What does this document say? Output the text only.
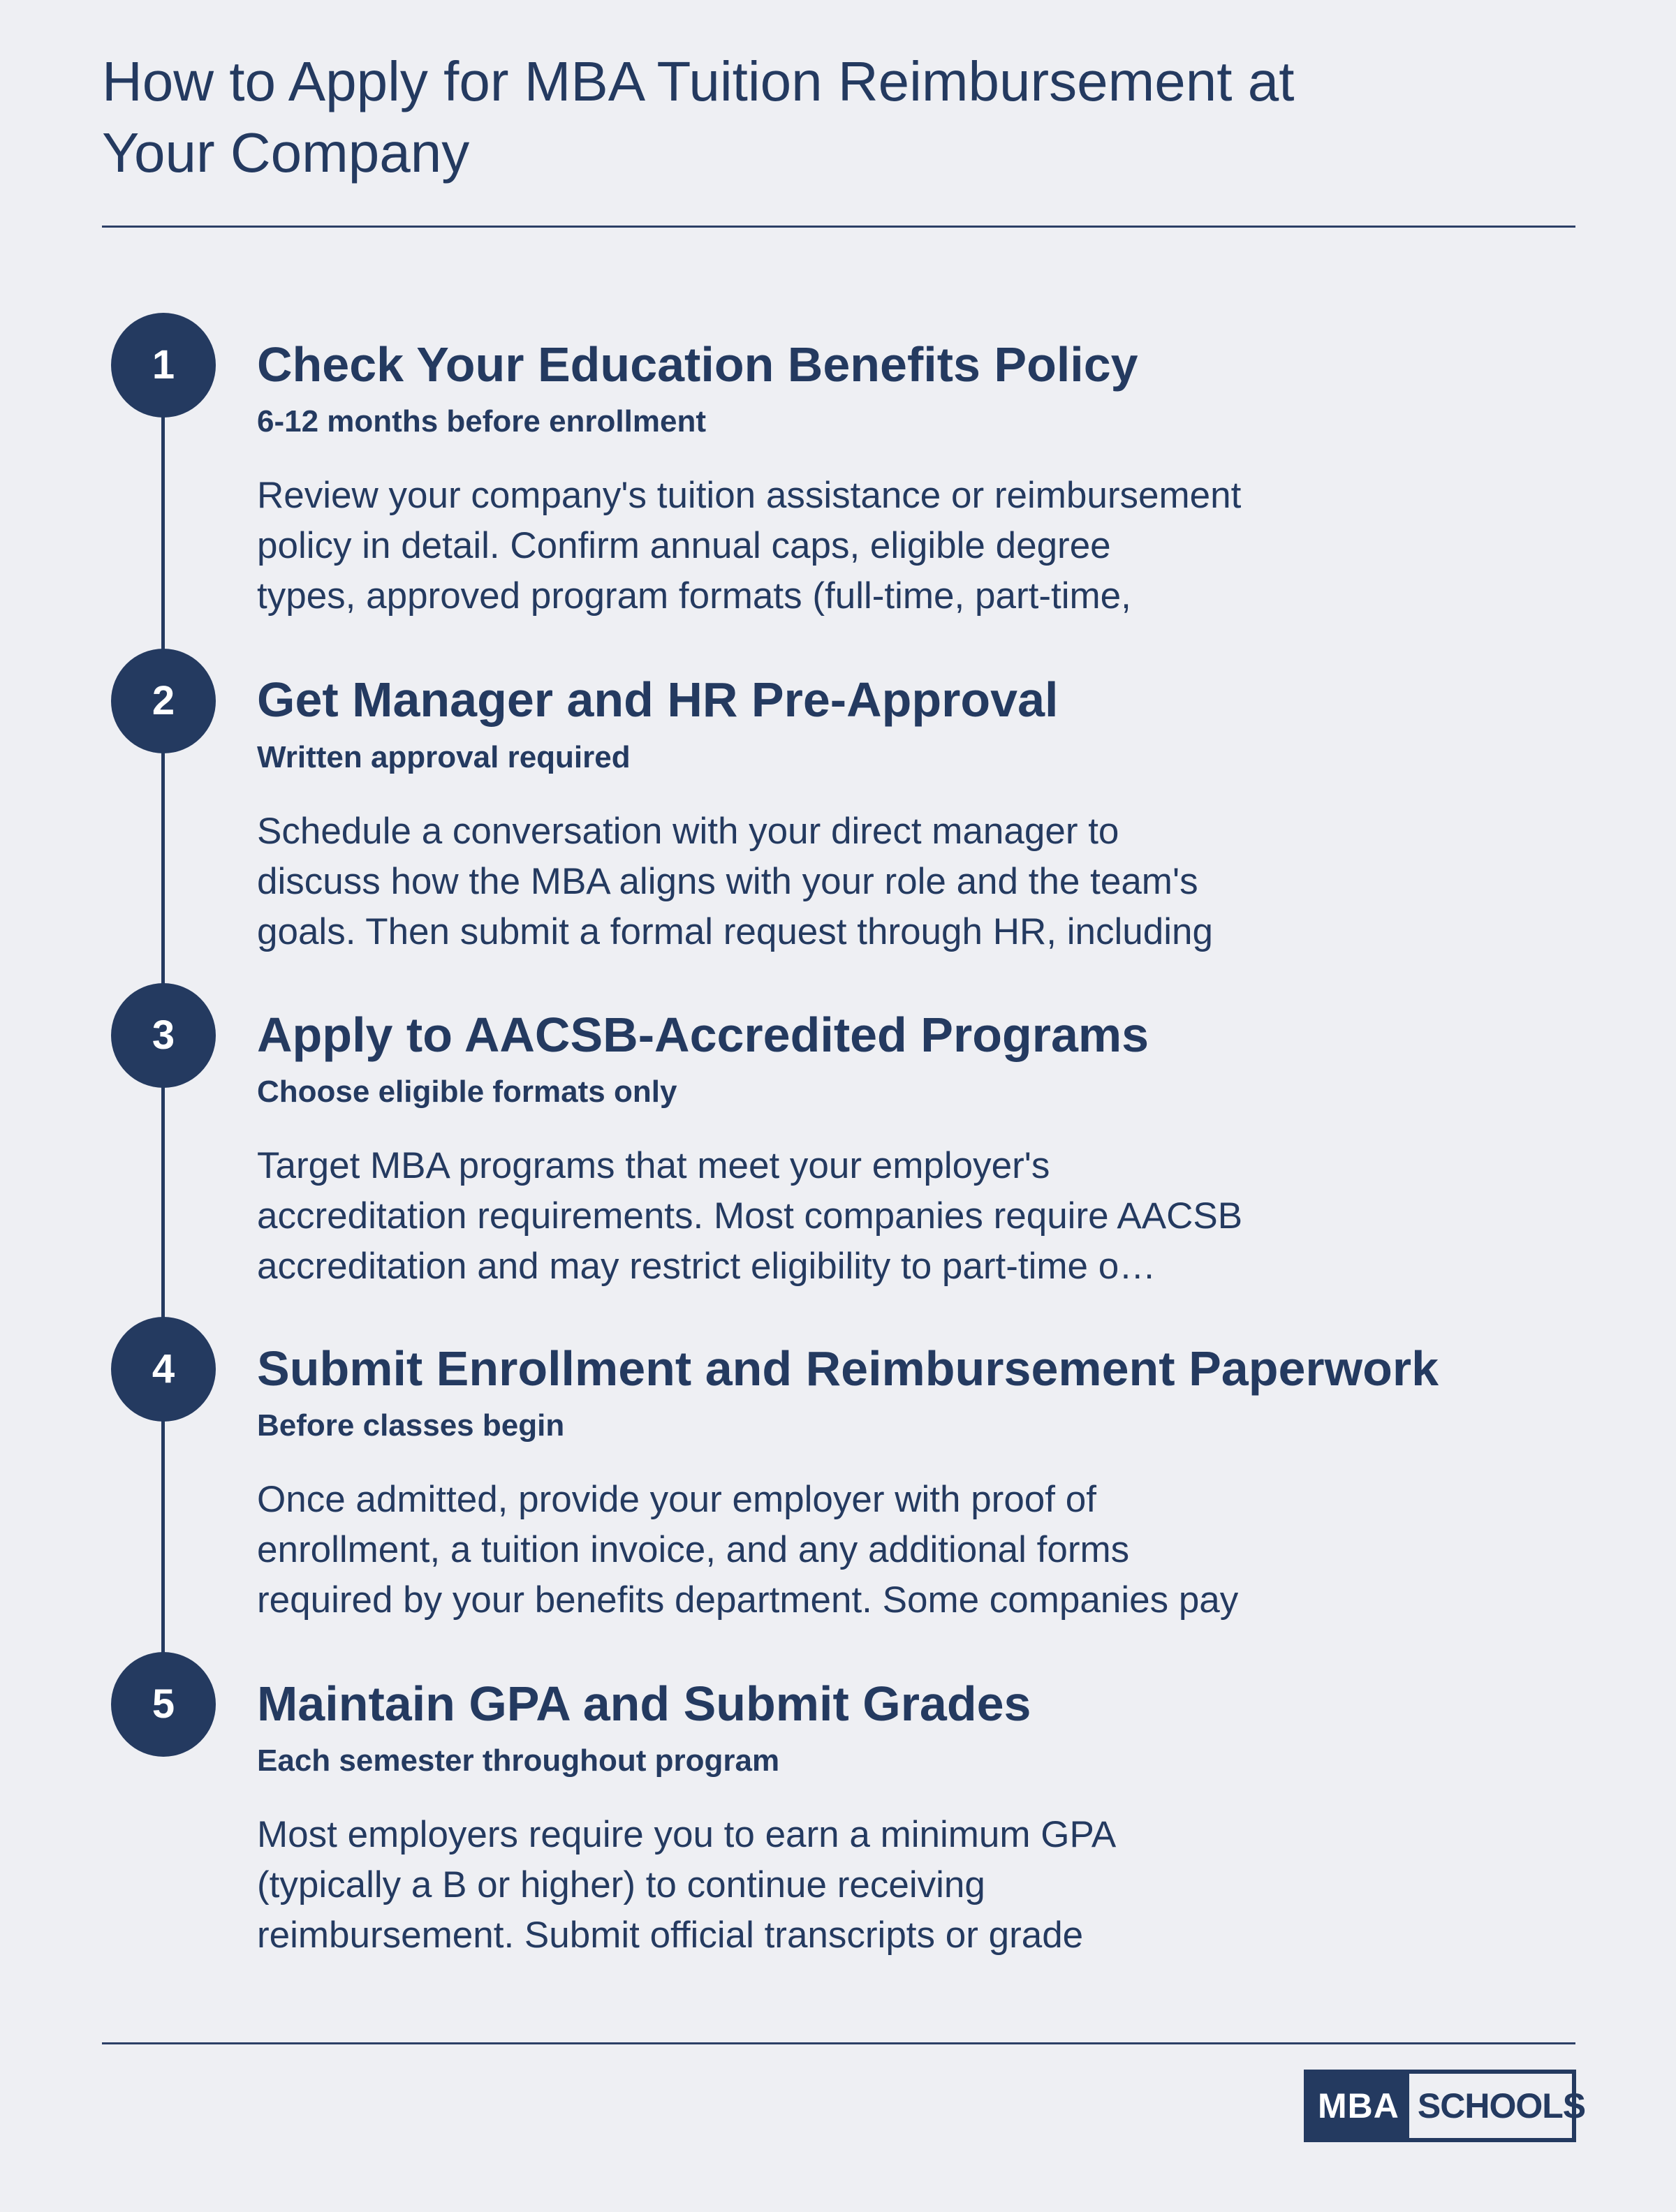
How to Apply for MBA Tuition Reimbursement at
Your Company
1	Check Your Education Benefits Policy
6-12 months before enrollment
Review your company's tuition assistance or reimbursement
policy in detail. Confirm annual caps, eligible degree
types, approved program formats (full-time, part-time,
2	Get Manager and HR Pre-Approval
Written approval required
Schedule a conversation with your direct manager to
discuss how the MBA aligns with your role and the team's
goals. Then submit a formal request through HR, including
3	Apply to AACSB-Accredited Programs
Choose eligible formats only
Target MBA programs that meet your employer's
accreditation requirements. Most companies require AACSB
accreditation and may restrict eligibility to part-time o…
4	Submit Enrollment and Reimbursement Paperwork
Before classes begin
Once admitted, provide your employer with proof of
enrollment, a tuition invoice, and any additional forms
required by your benefits department. Some companies pay
5	Maintain GPA and Submit Grades
Each semester throughout program
Most employers require you to earn a minimum GPA
(typically a B or higher) to continue receiving
reimbursement. Submit official transcripts or grade
MBA SCHOOLS
